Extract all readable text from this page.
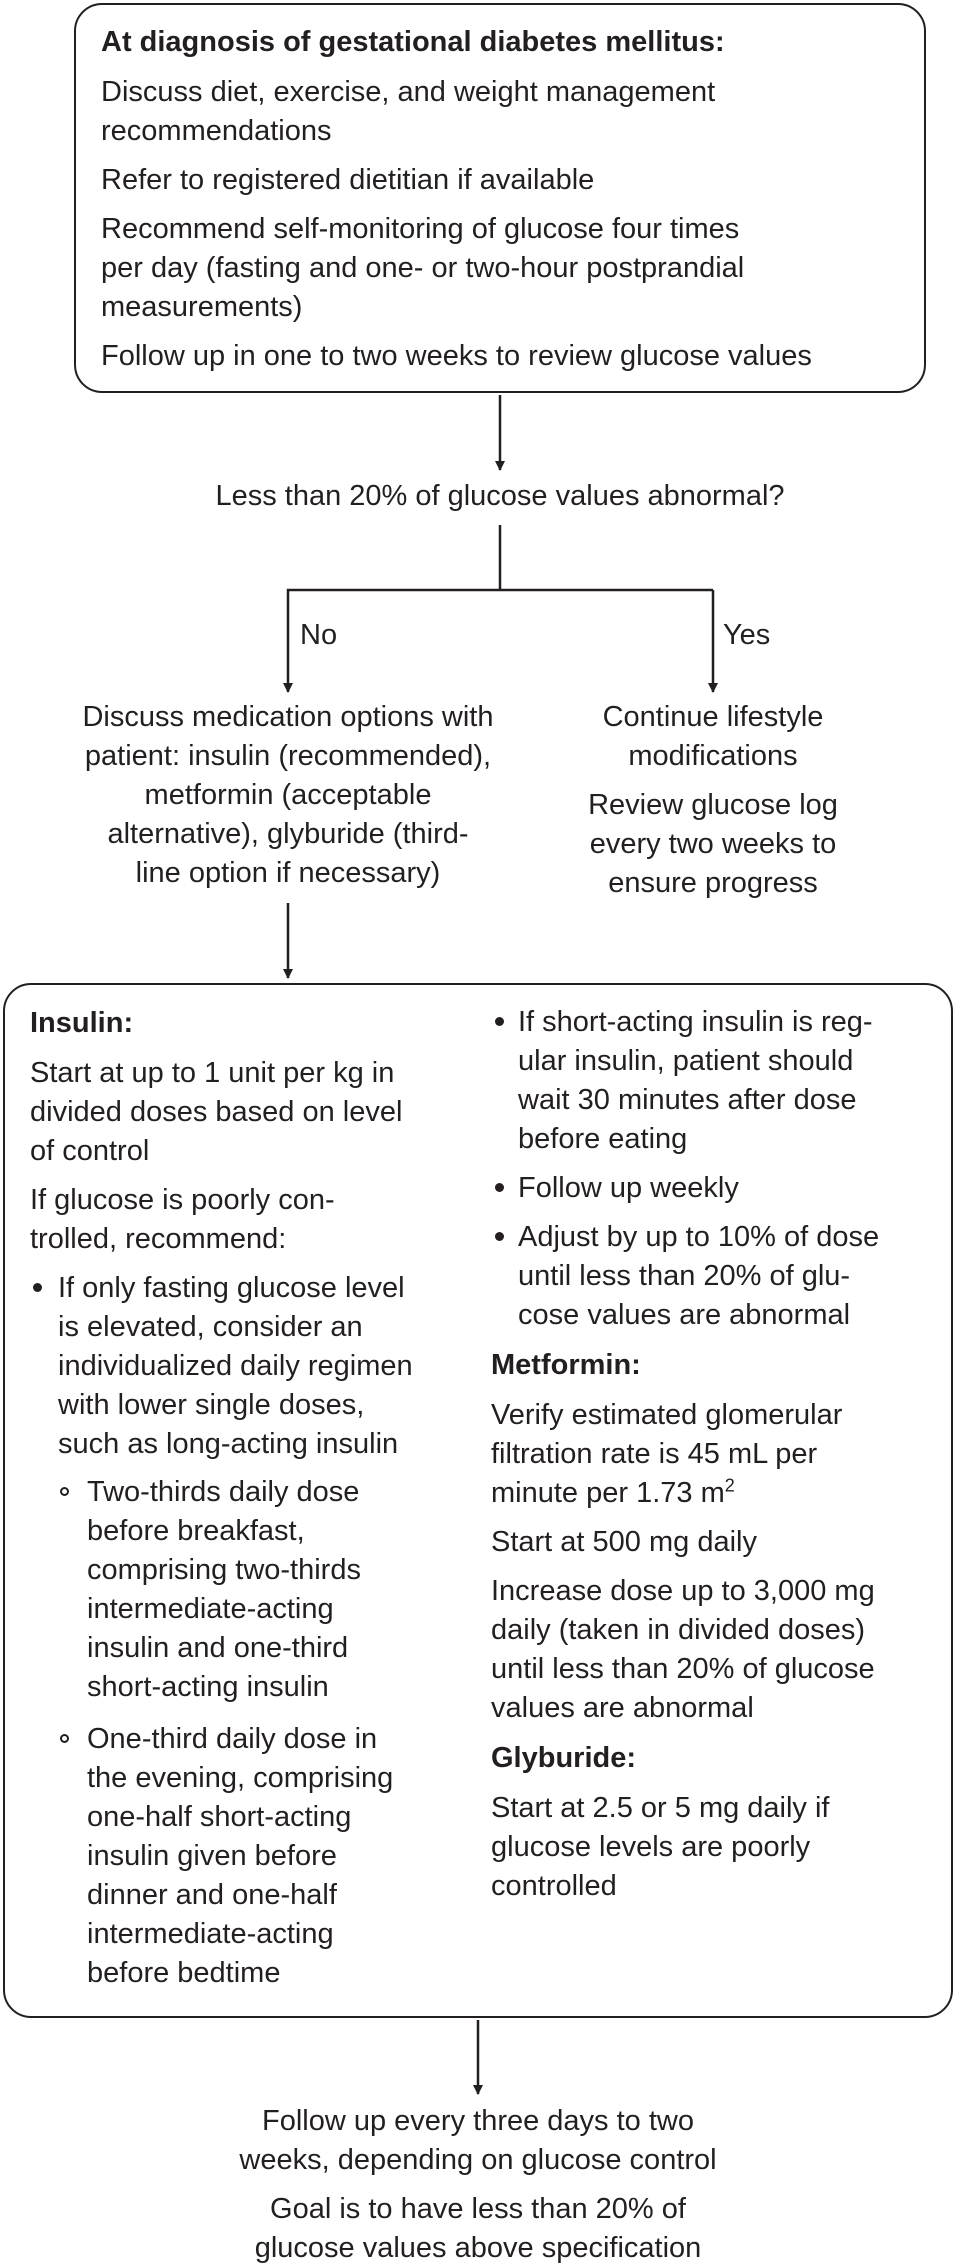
At diagnosis of gestational diabetes mellitus:
Discuss diet, exercise, and weight management
recommendations
Refer to registered dietitian if available
Recommend self-monitoring of glucose four times
per day (fasting and one- or two-hour postprandial
measurements)
Follow up in one to two weeks to review glucose values
Less than 20% of glucose values abnormal?
No	Yes
Discuss medication options with
patient: insulin (recommended),
metformin (acceptable
alternative), glyburide (third-
line option if necessary)
Continue lifestyle
modifications
Review glucose log
every two weeks to
ensure progress
Insulin:
Start at up to 1 unit per kg in
divided doses based on level
of control
If glucose is poorly con-
trolled, recommend:
If only fasting glucose level
is elevated, consider an
individualized daily regimen
with lower single doses,
such as long-acting insulin
Two-thirds daily dose
before breakfast,
comprising two-thirds
intermediate-acting
insulin and one-third
short-acting insulin
One-third daily dose in
the evening, comprising
one-half short-acting
insulin given before
dinner and one-half
intermediate-acting
before bedtime
If short-acting insulin is reg-
ular insulin, patient should
wait 30 minutes after dose
before eating
Follow up weekly
Adjust by up to 10% of dose
until less than 20% of glu-
cose values are abnormal
Metformin:
Verify estimated glomerular
filtration rate is 45 mL per
minute per 1.73 $m^2$
Start at 500 mg daily
Increase dose up to 3,000 mg
daily (taken in divided doses)
until less than 20% of glucose
values are abnormal
Glyburide:
Start at 2.5 or 5 mg daily if
glucose levels are poorly
controlled
Follow up every three days to two
weeks, depending on glucose control
Goal is to have less than 20% of
glucose values above specification
